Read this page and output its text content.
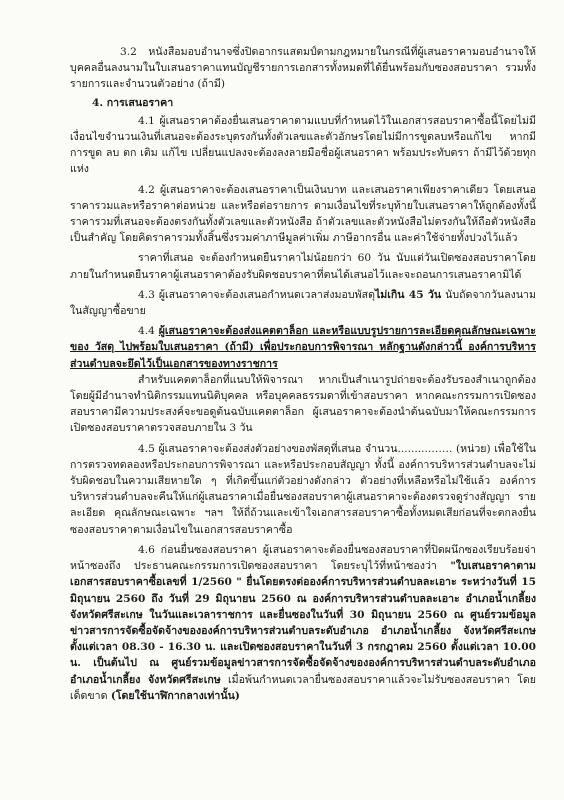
3.2 หนังสือมอบอำนาจซึ่งปิดอากรแสตมป์ตามกฎหมายในกรณีที่ผู้เสนอราคามอบอำนาจให้บุคคลอื่นลงนามในใบเสนอราคาแทนบัญชีรายการเอกสารทั้งหมดที่ได้ยื่นพร้อมกับซองสอบราคา รวมทั้งรายการและจำนวนตัวอย่าง (ถ้ามี)

4. การเสนอราคา

4.1 ผู้เสนอราคาต้องยื่นเสนอราคาตามแบบที่กำหนดไว้ในเอกสารสอบราคาซื้อนี้โดยไม่มีเงื่อนไขจำนวนเงินที่เสนอจะต้องระบุตรงกันทั้งตัวเลขและตัวอักษรโดยไม่มีการขูดลบหรือแก้ไข หากมีการขูด ลบ ตก เติม แก้ไข เปลี่ยนแปลงจะต้องลงลายมือชื่อผู้เสนอราคา พร้อมประทับตรา ถ้ามีไว้ด้วยทุกแห่ง

4.2 ผู้เสนอราคาจะต้องเสนอราคาเป็นเงินบาท และเสนอราคาเพียงราคาเดียว โดยเสนอราคารวมและหรือราคาต่อหน่วย และหรือต่อรายการ ตามเงื่อนไขที่ระบุท้ายใบเสนอราคาให้ถูกต้องทั้งนี้ ราคารวมที่เสนอจะต้องตรงกันทั้งตัวเลขและตัวหนังสือ ถ้าตัวเลขและตัวหนังสือไม่ตรงกันให้ถือตัวหนังสือเป็นสำคัญ โดยคิดราคารวมทั้งสิ้นซึ่งรวมค่าภาษีมูลค่าเพิ่ม ภาษีอากรอื่น และค่าใช้จ่ายทั้งปวงไว้แล้ว

ราคาที่เสนอ จะต้องกำหนดยืนราคาไม่น้อยกว่า 60 วัน นับแต่วันเปิดซองสอบราคาโดยภายในกำหนดยืนราคาผู้เสนอราคาต้องรับผิดชอบราคาที่ตนได้เสนอไว้และจะถอนการเสนอราคามิได้

4.3 ผู้เสนอราคาจะต้องเสนอกำหนดเวลาส่งมอบพัสดุไม่เกิน 45 วัน นับถัดจากวันลงนามในสัญญาซื้อขาย

4.4 ผู้เสนอราคาจะต้องส่งแคตตาล็อก และหรือแบบรูปรายการละเอียดคุณลักษณะเฉพาะของ วัสดุ ไปพร้อมใบเสนอราคา (ถ้ามี) เพื่อประกอบการพิจารณา หลักฐานดังกล่าวนี้ องค์การบริหารส่วนตำบลจะยึดไว้เป็นเอกสารของทางราชการ

สำหรับแคตตาล็อกที่แนบให้พิจารณา หากเป็นสำเนารูปถ่ายจะต้องรับรองสำเนาถูกต้อง โดยผู้มีอำนาจทำนิติกรรมแทนนิติบุคคล หรือบุคคลธรรมดาที่เข้าสอบราคา หากคณะกรรมการเปิดซองสอบราคามีความประสงค์จะขอดูต้นฉบับแคตตาล็อก ผู้เสนอราคาจะต้องนำต้นฉบับมาให้คณะกรรมการเปิดซองสอบราคาตรวจสอบภายใน 3 วัน

4.5 ผู้เสนอราคาจะต้องส่งตัวอย่างของพัสดุที่เสนอ จำนวน.........……. (หน่วย) เพื่อใช้ในการตรวจทดลองหรือประกอบการพิจารณา และหรือประกอบสัญญา ทั้งนี้ องค์การบริหารส่วนตำบลจะไม่รับผิดชอบในความเสียหายใด ๆ ที่เกิดขึ้นแก่ตัวอย่างดังกล่าว ตัวอย่างที่เหลือหรือไม่ใช้แล้ว องค์การบริหารส่วนตำบลจะคืนให้แก่ผู้เสนอราคาเมื่อยื่นซองสอบราคาผู้เสนอราคาจะต้องตรวจดูร่างสัญญา รายละเอียด คุณลักษณะเฉพาะ ฯลฯ ให้ถี่ถ้วนและเข้าใจเอกสารสอบราคาซื้อทั้งหมดเสียก่อนที่จะตกลงยื่นซองสอบราคาตามเงื่อนไขในเอกสารสอบราคาซื้อ

4.6 ก่อนยื่นซองสอบราคา ผู้เสนอราคาจะต้องยื่นซองสอบราคาที่ปิดผนึกซองเรียบร้อยจ่าหน้าซองถึง ประธานคณะกรรมการเปิดซองสอบราคา โดยระบุไว้ที่หน้าซองว่า "ใบเสนอราคาตามเอกสารสอบราคาซื้อเลขที่ 1/2560 " ยื่นโดยตรงต่อองค์การบริหารส่วนตำบลละเอาะ ระหว่างวันที่ 15 มิถุนายน 2560 ถึง วันที่ 29 มิถุนายน 2560 ณ องค์การบริหารส่วนตำบลละเอาะ อำเภอน้ำเกลี้ยง จังหวัดศรีสะเกษ ในวันและเวลาราชการ และยื่นซองในวันที่ 30 มิถุนายน 2560 ณ ศูนย์รวมข้อมูลข่าวสารการจัดซื้อจัดจ้างขององค์การบริหารส่วนตำบลระดับอำเภอ อำเภอน้ำเกลี้ยง จังหวัดศรีสะเกษ ตั้งแต่เวลา 08.30 - 16.30 น. และเปิดซองสอบราคาในวันที่ 3 กรกฎาคม 2560 ตั้งแต่เวลา 10.00 น. เป็นต้นไป ณ ศูนย์รวมข้อมูลข่าวสารการจัดซื้อจัดจ้างขององค์การบริหารส่วนตำบลระดับอำเภอ อำเภอน้ำเกลี้ยง จังหวัดศรีสะเกษ เมื่อพ้นกำหนดเวลายื่นซองสอบราคาแล้วจะไม่รับซองสอบราคา โดยเด็ดขาด (โดยใช้นาฬิกากลางเท่านั้น)
